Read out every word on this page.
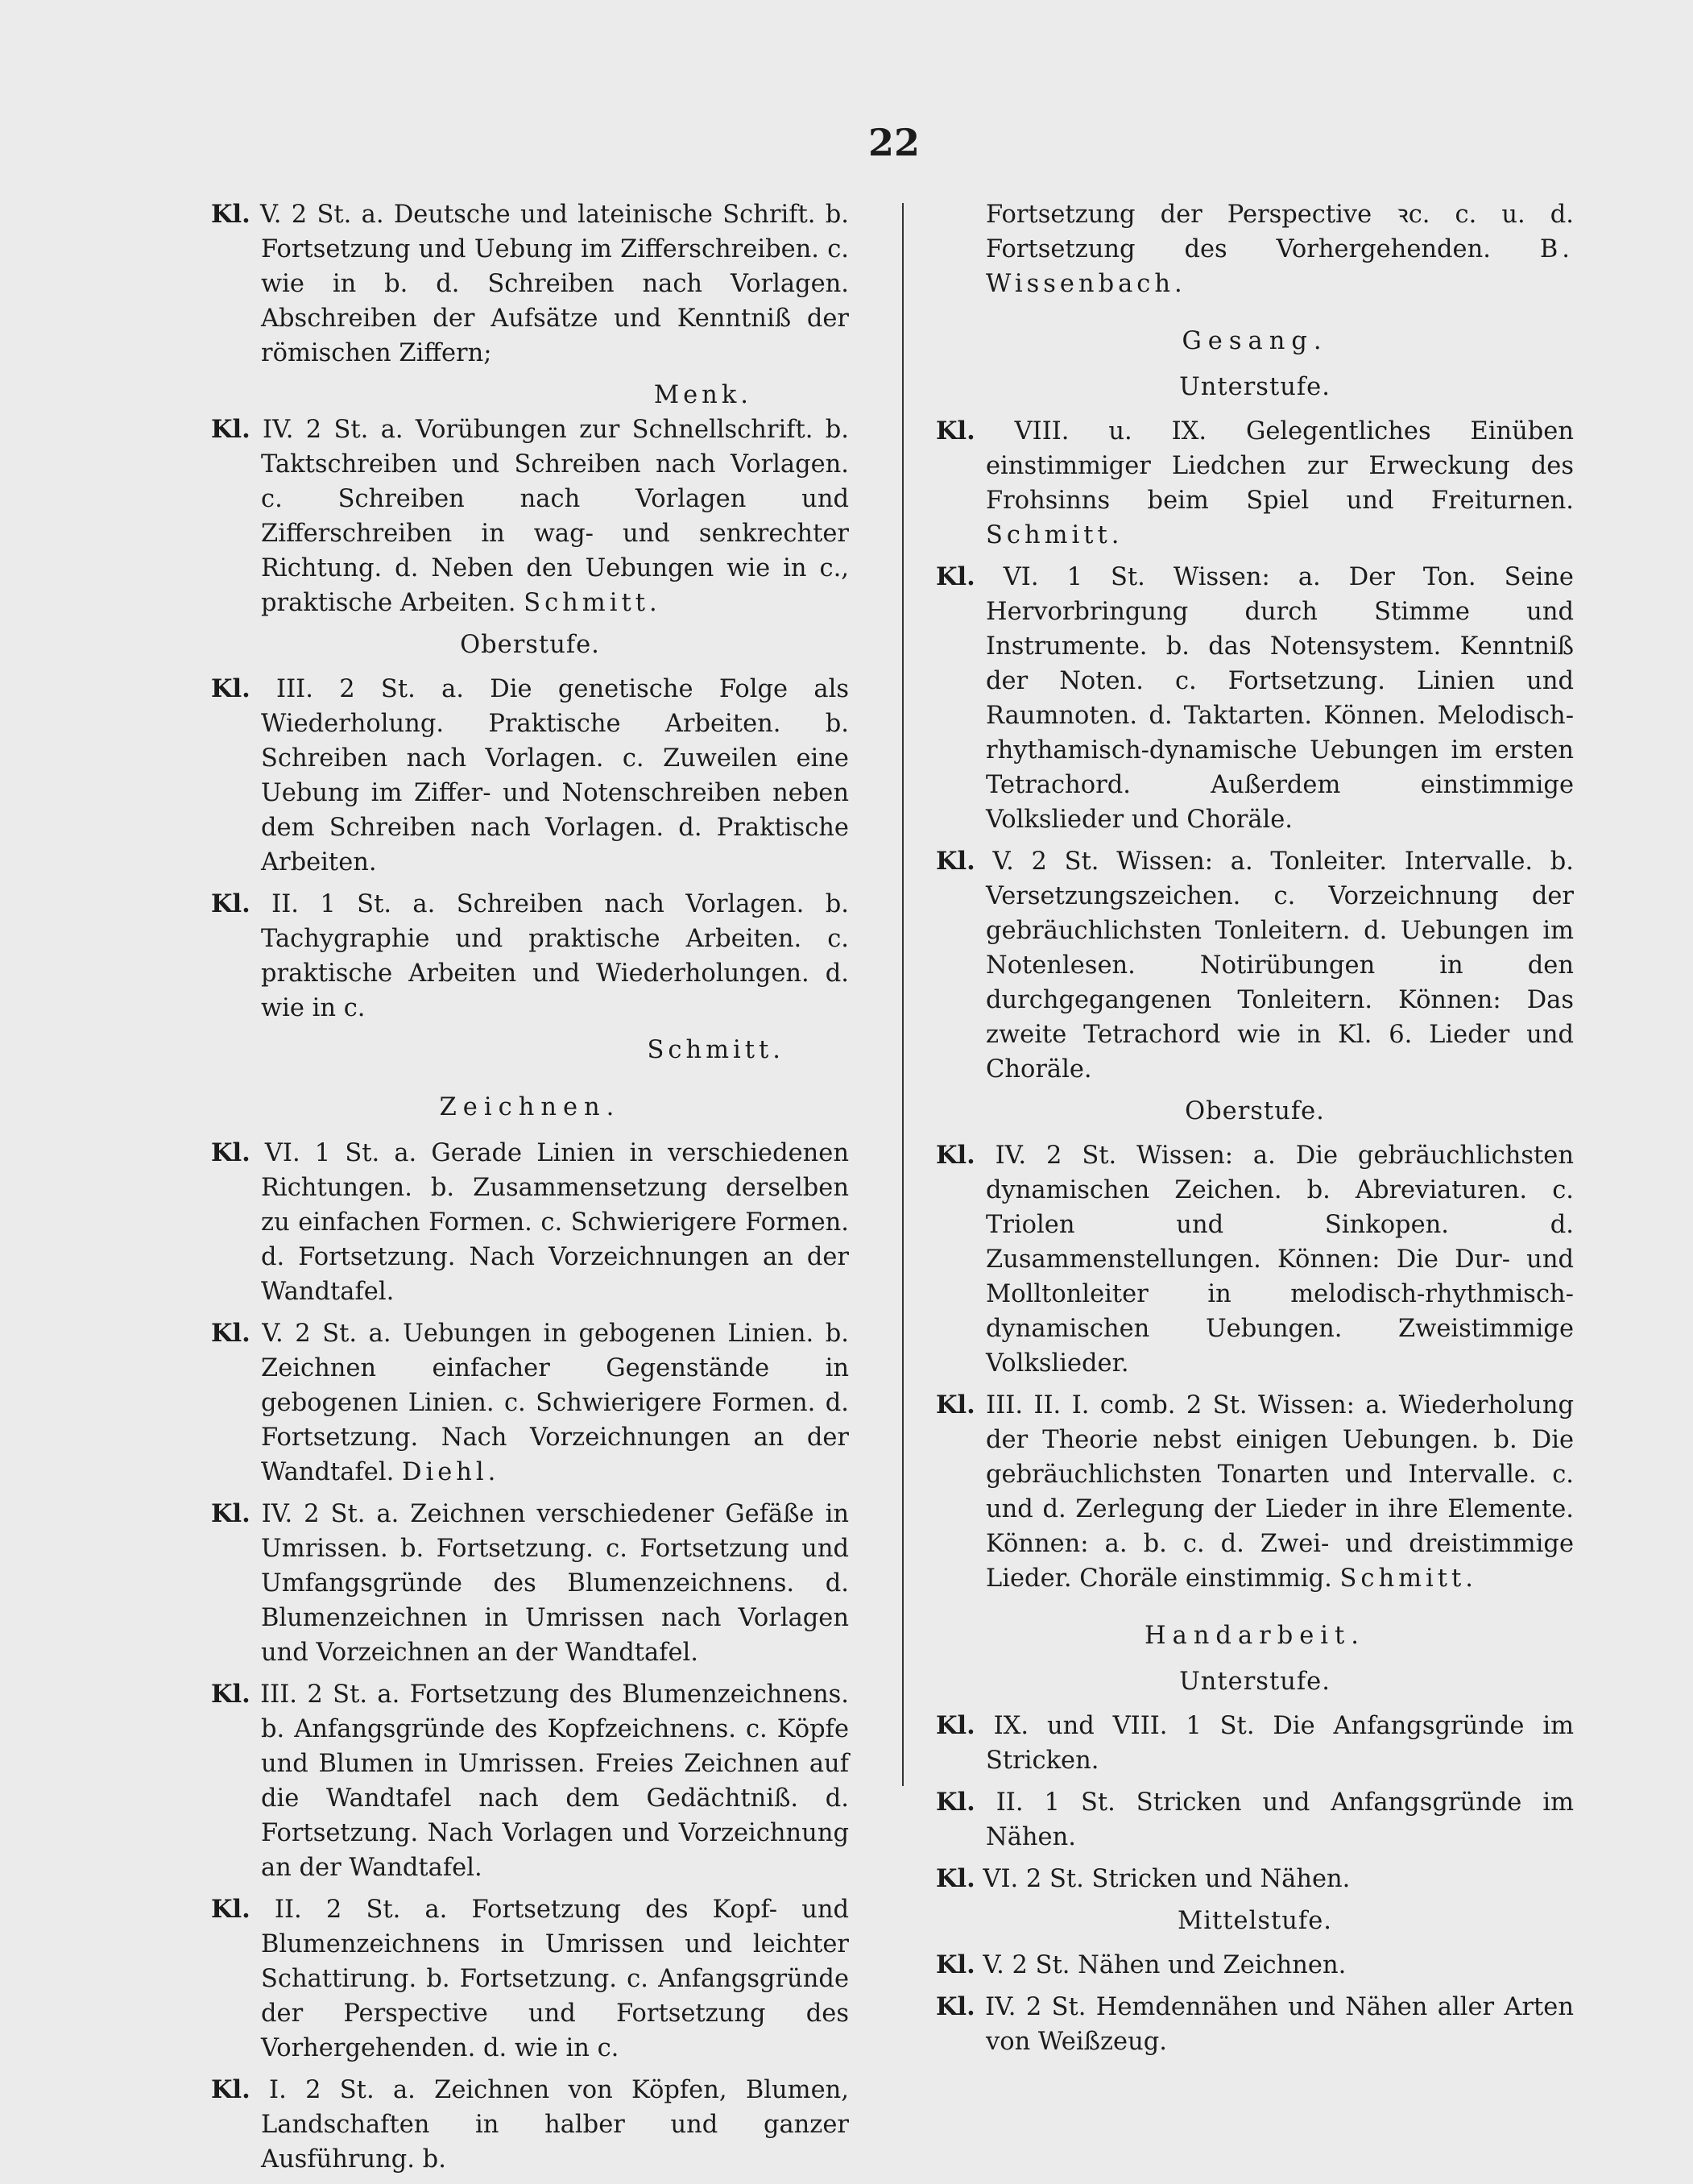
22

Kl. V. 2 St. a. Deutsche und lateinische Schrift. b. Fortsetzung und Uebung im Zifferschreiben. c. wie in b. d. Schreiben nach Vorlagen. Abschreiben der Aufsätze und Kenntniß der römischen Ziffern;

Menk.

Kl. IV. 2 St. a. Vorübungen zur Schnellschrift. b. Taktschreiben und Schreiben nach Vorlagen. c. Schreiben nach Vorlagen und Zifferschreiben in wag- und senkrechter Richtung. d. Neben den Uebungen wie in c., praktische Arbeiten. Schmitt.

Oberstufe.

Kl. III. 2 St. a. Die genetische Folge als Wiederholung. Praktische Arbeiten. b. Schreiben nach Vorlagen. c. Zuweilen eine Uebung im Ziffer- und Notenschreiben neben dem Schreiben nach Vorlagen. d. Praktische Arbeiten.

Kl. II. 1 St. a. Schreiben nach Vorlagen. b. Tachygraphie und praktische Arbeiten. c. praktische Arbeiten und Wiederholungen. d. wie in c.

Schmitt.
Zeichnen.

Kl. VI. 1 St. a. Gerade Linien in verschiedenen Richtungen. b. Zusammensetzung derselben zu einfachen Formen. c. Schwierigere Formen. d. Fortsetzung. Nach Vorzeichnungen an der Wandtafel.

Kl. V. 2 St. a. Uebungen in gebogenen Linien. b. Zeichnen einfacher Gegenstände in gebogenen Linien. c. Schwierigere Formen. d. Fortsetzung. Nach Vorzeichnungen an der Wandtafel. Diehl.

Kl. IV. 2 St. a. Zeichnen verschiedener Gefäße in Umrissen. b. Fortsetzung. c. Fortsetzung und Umfangsgründe des Blumenzeichnens. d. Blumenzeichnen in Umrissen nach Vorlagen und Vorzeichnen an der Wandtafel.

Kl. III. 2 St. a. Fortsetzung des Blumenzeichnens. b. Anfangsgründe des Kopfzeichnens. c. Köpfe und Blumen in Umrissen. Freies Zeichnen auf die Wandtafel nach dem Gedächtniß. d. Fortsetzung. Nach Vorlagen und Vorzeichnung an der Wandtafel.

Kl. II. 2 St. a. Fortsetzung des Kopf- und Blumenzeichnens in Umrissen und leichter Schattirung. b. Fortsetzung. c. Anfangsgründe der Perspective und Fortsetzung des Vorhergehenden. d. wie in c.

Kl. I. 2 St. a. Zeichnen von Köpfen, Blumen, Landschaften in halber und ganzer Ausführung. b.

Fortsetzung der Perspective ꝛc. c. u. d. Fortsetzung des Vorhergehenden. B. Wissenbach.

Gesang.
Unterstufe.

Kl. VIII. u. IX. Gelegentliches Einüben einstimmiger Liedchen zur Erweckung des Frohsinns beim Spiel und Freiturnen. Schmitt.

Kl. VI. 1 St. Wissen: a. Der Ton. Seine Hervorbringung durch Stimme und Instrumente. b. das Notensystem. Kenntniß der Noten. c. Fortsetzung. Linien und Raumnoten. d. Taktarten. Können. Melodisch-rhythamisch-dynamische Uebungen im ersten Tetrachord. Außerdem einstimmige Volkslieder und Choräle.

Kl. V. 2 St. Wissen: a. Tonleiter. Intervalle. b. Versetzungszeichen. c. Vorzeichnung der gebräuchlichsten Tonleitern. d. Uebungen im Notenlesen. Notirübungen in den durchgegangenen Tonleitern. Können: Das zweite Tetrachord wie in Kl. 6. Lieder und Choräle.

Oberstufe.

Kl. IV. 2 St. Wissen: a. Die gebräuchlichsten dynamischen Zeichen. b. Abreviaturen. c. Triolen und Sinkopen. d. Zusammenstellungen. Können: Die Dur- und Molltonleiter in melodisch-rhythmisch-dynamischen Uebungen. Zweistimmige Volkslieder.

Kl. III. II. I. comb. 2 St. Wissen: a. Wiederholung der Theorie nebst einigen Uebungen. b. Die gebräuchlichsten Tonarten und Intervalle. c. und d. Zerlegung der Lieder in ihre Elemente. Können: a. b. c. d. Zwei- und dreistimmige Lieder. Choräle einstimmig. Schmitt.

Handarbeit.
Unterstufe.

Kl. IX. und VIII. 1 St. Die Anfangsgründe im Stricken.

Kl. II. 1 St. Stricken und Anfangsgründe im Nähen.

Kl. VI. 2 St. Stricken und Nähen.

Mittelstufe.

Kl. V. 2 St. Nähen und Zeichnen.

Kl. IV. 2 St. Hemdennähen und Nähen aller Arten von Weißzeug.
